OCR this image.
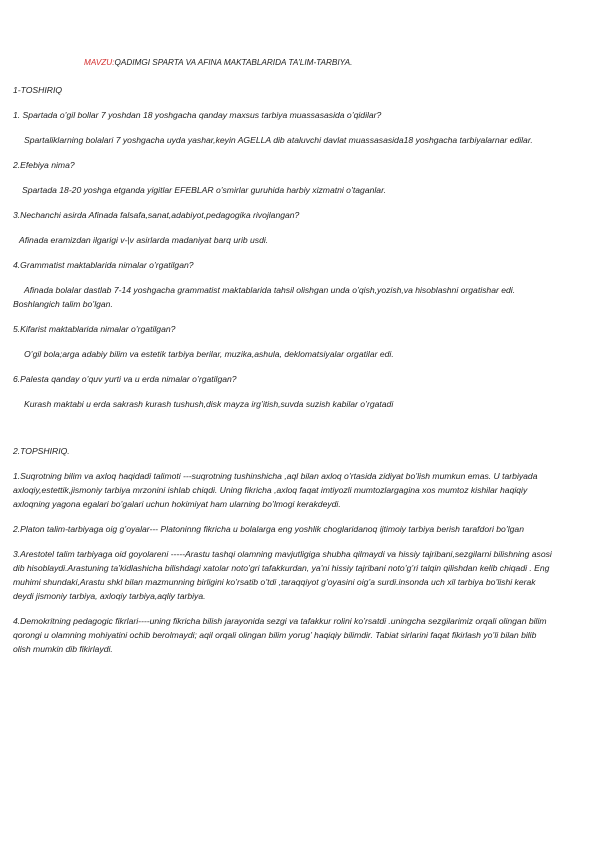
MAVZU:QADIMGI SPARTA VA AFINA MAKTABLARIDA TA’LIM-TARBIYA.

1-TOSHIRIQ

1. Spartada o’gil bollar 7 yoshdan 18 yoshgacha qanday maxsus tarbiya muassasasida o’qidilar?

Spartaliklarning bolalari 7 yoshgacha uyda yashar,keyin AGELLA dib ataluvchi davlat muassasasida18 yoshgacha tarbiyalarnar edilar.

2.Efebiya nima?

Spartada 18-20 yoshga etganda yigitlar EFEBLAR o’smirlar guruhida harbiy xizmatni o’taganlar.

3.Nechanchi asirda Afinada falsafa,sanat,adabiyot,pedagogika rivojlangan?

Afinada eramizdan ilgarigi v-|v asirlarda madaniyat barq urib usdi.

4.Grammatist maktablarida nimalar o’rgatilgan?

Afinada bolalar dastlab 7-14 yoshgacha grammatist maktablarida tahsil olishgan unda o’qish,yozish,va hisoblashni orgatishar edi. Boshlangich talim bo’lgan.

5.Kifarist maktablarida nimalar o’rgatilgan?

O’gil bola;arga adabiy bilim va estetik tarbiya berilar, muzika,ashula, deklomatsiyalar orgatilar edi.

6.Palesta qanday o’quv yurti va u erda nimalar o’rgatilgan?

Kurash maktabi u erda sakrash kurash tushush,disk mayza irg’itish,suvda suzish kabilar o’rgatadi

2.TOPSHIRIQ.

1.Suqrotning bilim va axloq haqidadi talimoti ---suqrotning tushinshicha ,aql bilan axloq o’rtasida zidiyat bo’lish mumkun emas. U tarbiyada axloqiy,estettik,jismoniy tarbiya mrzonini ishlab chiqdi. Uning fikricha ,axloq faqat imtiyozli mumtozlargagina xos mumtoz kishilar haqiqiy axloqning yagona egalari bo’galari uchun hokimiyat ham ularning bo’lmogi kerakdeydi.

2.Platon talim-tarbiyaga oig g’oyalar--- Platoninng fikricha u bolalarga eng yoshlik choglaridanoq ijtimoiy tarbiya berish tarafdori bo’lgan

3.Arestotel talim tarbiyaga oid goyolareni -----Arastu tashqi olamning mavjutligiga shubha qilmaydi va hissiy tajribani,sezgilarni bilishning asosi dib hisoblaydi.Arastuning ta’kidlashicha bilishdagi xatolar noto’gri tafakkurdan, ya’ni hissiy tajribani noto’g’ri talqin qilishdan kelib chiqadi . Eng muhimi shundaki,Arastu shkl bilan mazmunning birligini ko’rsatib o’tdi ,taraqqiyot g’oyasini oig’a surdi.insonda uch xil tarbiya bo’lishi kerak deydi jismoniy tarbiya, axloqiy tarbiya,aqliy tarbiya.

4.Demokritning pedagogic fikrlari----uning fikricha bilish jarayonida sezgi va tafakkur rolini ko’rsatdi .uningcha sezgilarimiz orqali olingan bilim qorongi u olamning mohiyatini ochib berolmaydi; aqil orqali olingan bilim yorug’ haqiqiy bilimdir. Tabiat sirlarini faqat fikirlash yo’li bilan bilib olish mumkin dib fikirlaydi.
